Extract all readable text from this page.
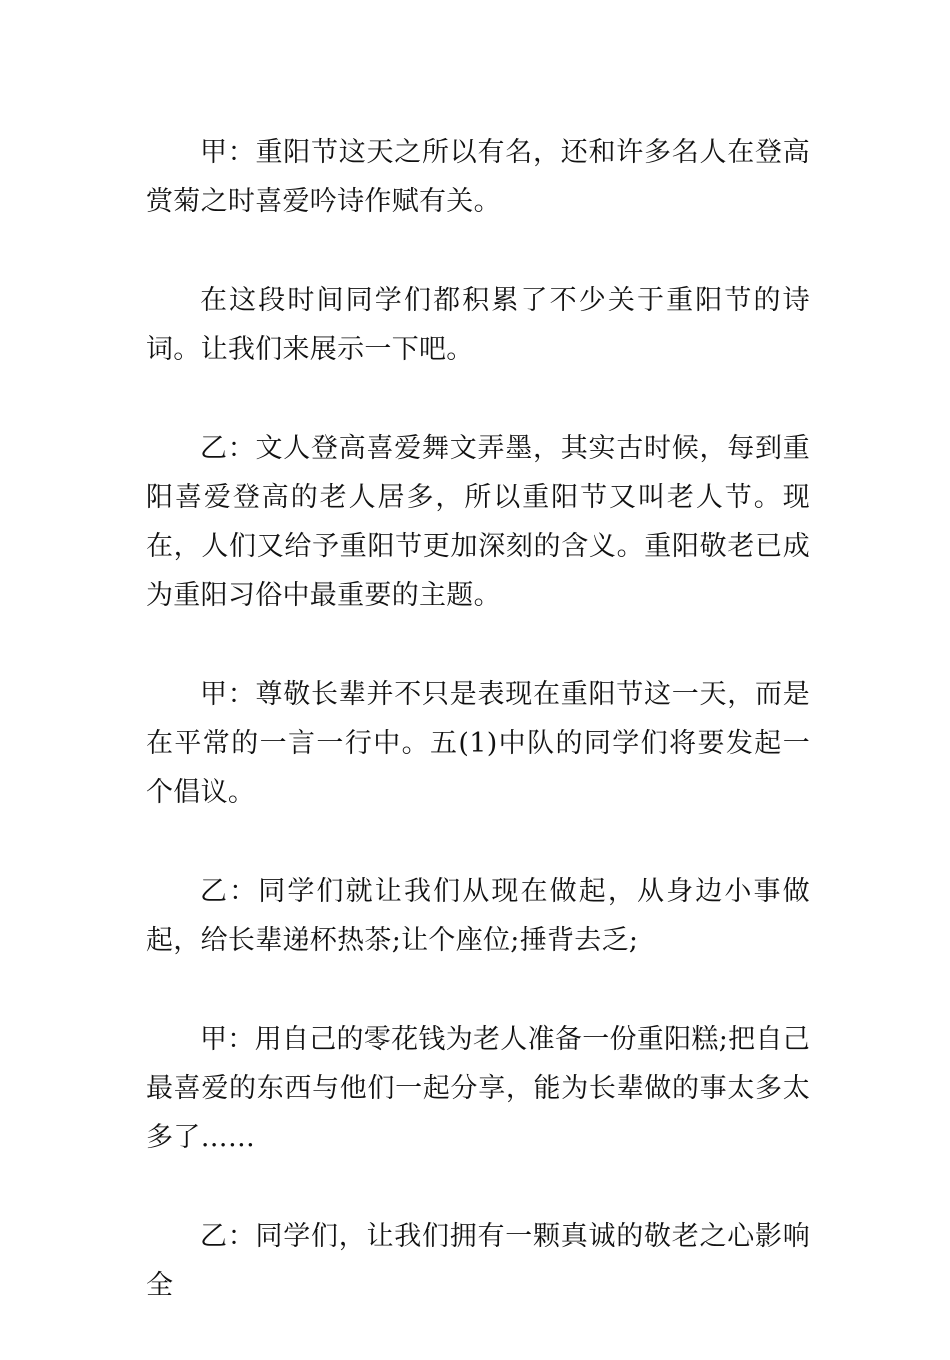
甲：重阳节这天之所以有名，还和许多名人在登高赏菊之时喜爱吟诗作赋有关。

在这段时间同学们都积累了不少关于重阳节的诗词。让我们来展示一下吧。

乙：文人登高喜爱舞文弄墨，其实古时候，每到重阳喜爱登高的老人居多，所以重阳节又叫老人节。现在，人们又给予重阳节更加深刻的含义。重阳敬老已成为重阳习俗中最重要的主题。

甲：尊敬长辈并不只是表现在重阳节这一天，而是在平常的一言一行中。五(1)中队的同学们将要发起一个倡议。

乙：同学们就让我们从现在做起，从身边小事做起，给长辈递杯热茶;让个座位;捶背去乏;

甲：用自己的零花钱为老人准备一份重阳糕;把自己最喜爱的东西与他们一起分享，能为长辈做的事太多太多了……

乙：同学们，让我们拥有一颗真诚的敬老之心影响全
